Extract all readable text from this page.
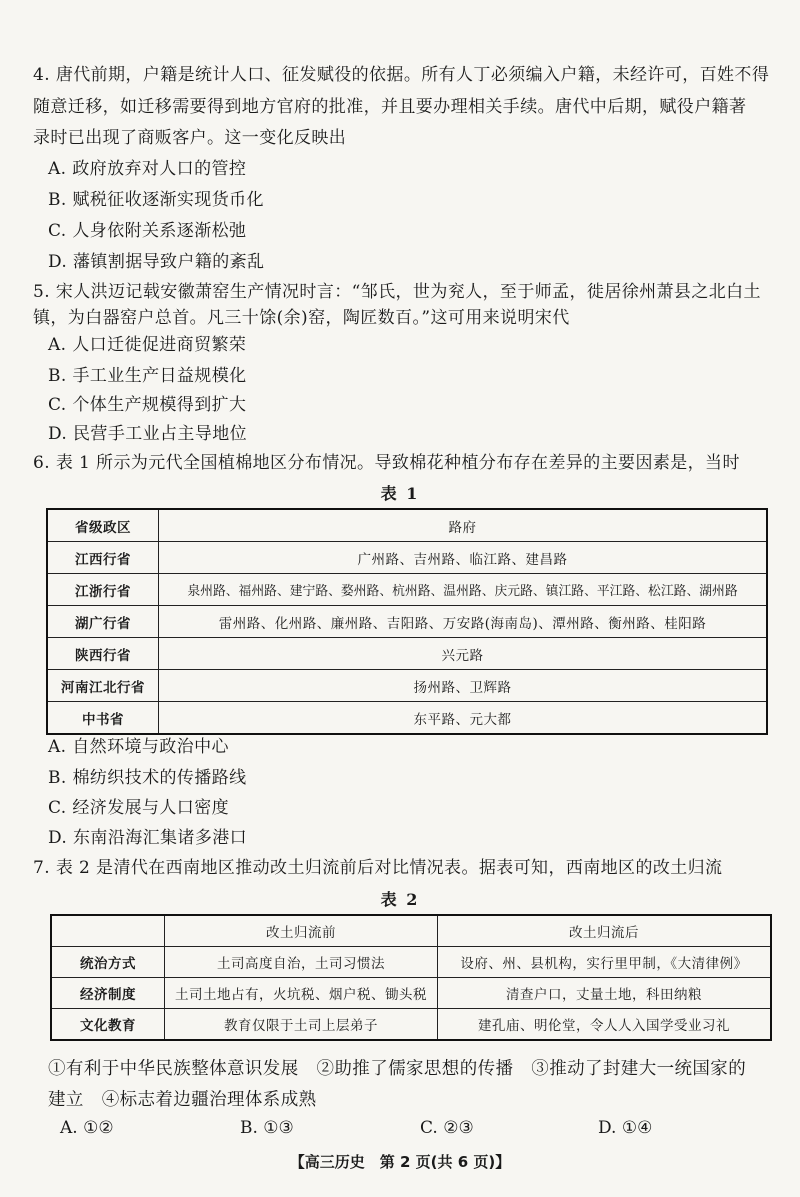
4. 唐代前期，户籍是统计人口、征发赋役的依据。所有人丁必须编入户籍，未经许可，百姓不得
随意迁移，如迁移需要得到地方官府的批准，并且要办理相关手续。唐代中后期，赋役户籍著
录时已出现了商贩客户。这一变化反映出
A. 政府放弃对人口的管控
B. 赋税征收逐渐实现货币化
C. 人身依附关系逐渐松弛
D. 藩镇割据导致户籍的紊乱
5. 宋人洪迈记载安徽萧窑生产情况时言：“邹氏，世为兖人，至于师孟，徙居徐州萧县之北白土
镇，为白器窑户总首。凡三十馀(余)窑，陶匠数百。”这可用来说明宋代
A. 人口迁徙促进商贸繁荣
B. 手工业生产日益规模化
C. 个体生产规模得到扩大
D. 民营手工业占主导地位
6. 表 1 所示为元代全国植棉地区分布情况。导致棉花种植分布存在差异的主要因素是，当时
表 1
省级政区	路府
江西行省	广州路、吉州路、临江路、建昌路
江浙行省	泉州路、福州路、建宁路、婺州路、杭州路、温州路、庆元路、镇江路、平江路、松江路、湖州路
湖广行省	雷州路、化州路、廉州路、吉阳路、万安路(海南岛)、潭州路、衡州路、桂阳路
陕西行省	兴元路
河南江北行省	扬州路、卫辉路
中书省	东平路、元大都
A. 自然环境与政治中心
B. 棉纺织技术的传播路线
C. 经济发展与人口密度
D. 东南沿海汇集诸多港口
7. 表 2 是清代在西南地区推动改土归流前后对比情况表。据表可知，西南地区的改土归流
表 2
	改土归流前	改土归流后
统治方式	土司高度自治，土司习惯法	设府、州、县机构，实行里甲制，《大清律例》
经济制度	土司土地占有，火坑税、烟户税、锄头税	清查户口，丈量土地，科田纳粮
文化教育	教育仅限于土司上层弟子	建孔庙、明伦堂，令人人入国学受业习礼
①有利于中华民族整体意识发展　②助推了儒家思想的传播　③推动了封建大一统国家的
建立　④标志着边疆治理体系成熟
A. ①②	B. ①③	C. ②③	D. ①④
【高三历史　第 2 页(共 6 页)】
